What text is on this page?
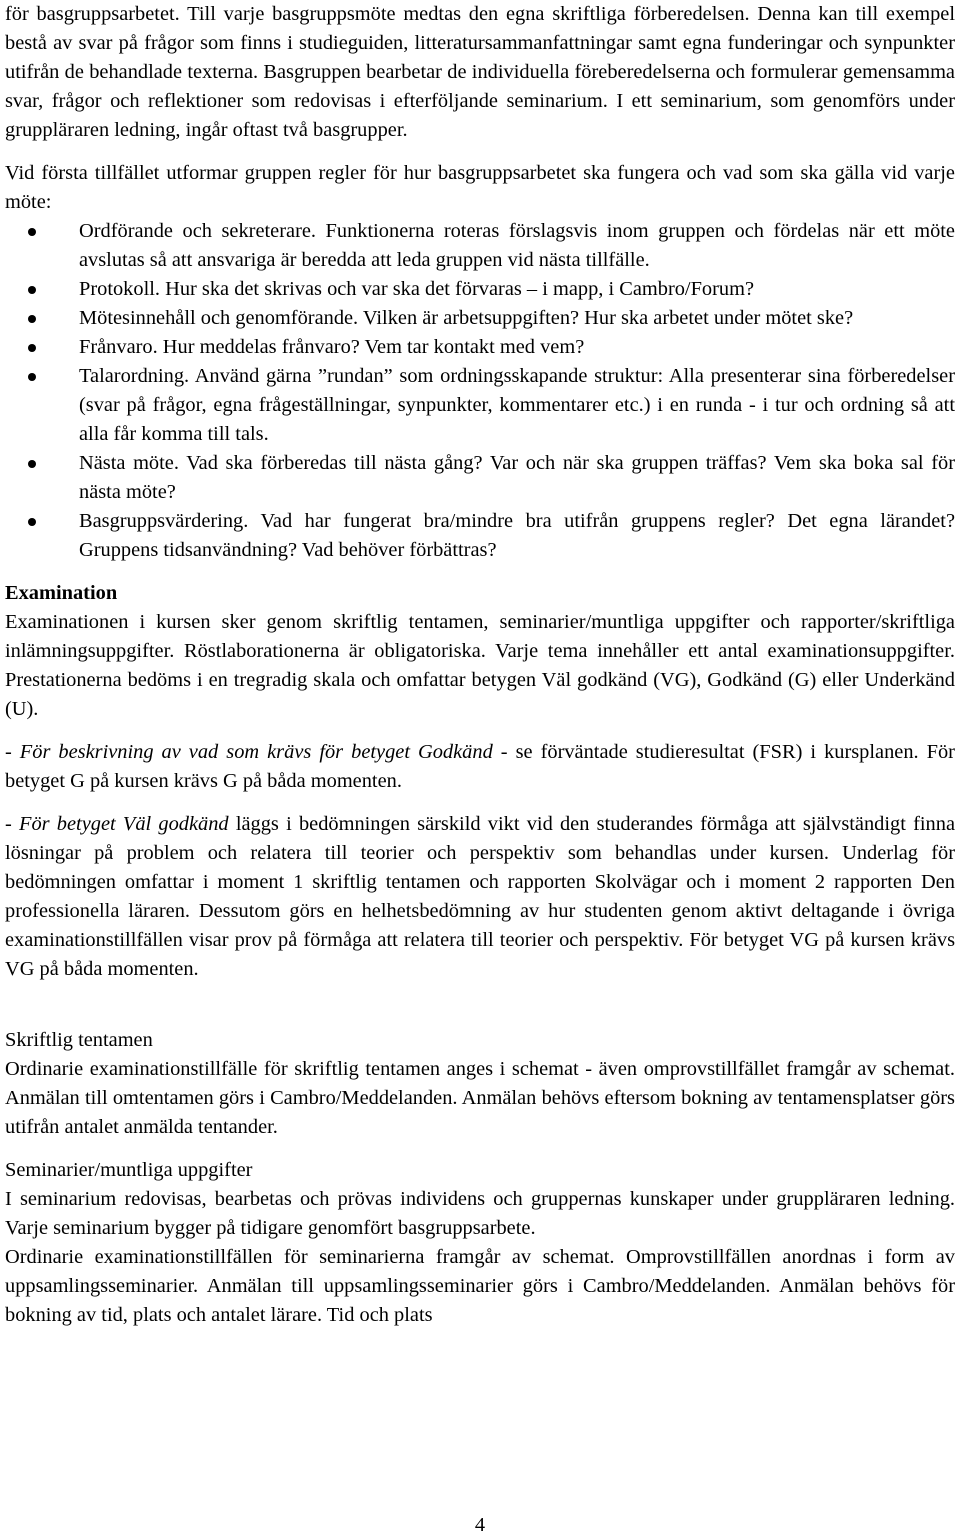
för basgruppsarbetet. Till varje basgruppsmöte medtas den egna skriftliga förberedelsen. Denna kan till exempel bestå av svar på frågor som finns i studieguiden, litteratursammanfattningar samt egna funderingar och synpunkter utifrån de behandlade texterna. Basgruppen bearbetar de individuella föreberedelserna och formulerar gemensamma svar, frågor och reflektioner som redovisas i efterföljande seminarium. I ett seminarium, som genomförs under gruppläraren ledning, ingår oftast två basgrupper.

Vid första tillfället utformar gruppen regler för hur basgruppsarbetet ska fungera och vad som ska gälla vid varje möte:

Ordförande och sekreterare. Funktionerna roteras förslagsvis inom gruppen och fördelas när ett möte avslutas så att ansvariga är beredda att leda gruppen vid nästa tillfälle.
Protokoll. Hur ska det skrivas och var ska det förvaras – i mapp, i Cambro/Forum?
Mötesinnehåll och genomförande. Vilken är arbetsuppgiften? Hur ska arbetet under mötet ske?
Frånvaro. Hur meddelas frånvaro? Vem tar kontakt med vem?
Talarordning. Använd gärna ”rundan” som ordningsskapande struktur: Alla presenterar sina förberedelser (svar på frågor, egna frågeställningar, synpunkter, kommentarer etc.) i en runda - i tur och ordning så att alla får komma till tals.
Nästa möte. Vad ska förberedas till nästa gång? Var och när ska gruppen träffas? Vem ska boka sal för nästa möte?
Basgruppsvärdering. Vad har fungerat bra/mindre bra utifrån gruppens regler? Det egna lärandet? Gruppens tidsanvändning? Vad behöver förbättras?

Examination

Examinationen i kursen sker genom skriftlig tentamen, seminarier/muntliga uppgifter och rapporter/skriftliga inlämningsuppgifter. Röstlaborationerna är obligatoriska. Varje tema innehåller ett antal examinationsuppgifter. Prestationerna bedöms i en tregradig skala och omfattar betygen Väl godkänd (VG), Godkänd (G) eller Underkänd (U).

- För beskrivning av vad som krävs för betyget Godkänd - se förväntade studieresultat (FSR) i kursplanen. För betyget G på kursen krävs G på båda momenten.

- För betyget Väl godkänd läggs i bedömningen särskild vikt vid den studerandes förmåga att självständigt finna lösningar på problem och relatera till teorier och perspektiv som behandlas under kursen. Underlag för bedömningen omfattar i moment 1 skriftlig tentamen och rapporten Skolvägar och i moment 2 rapporten Den professionella läraren. Dessutom görs en helhetsbedömning av hur studenten genom aktivt deltagande i övriga examinationstillfällen visar prov på förmåga att relatera till teorier och perspektiv. För betyget VG på kursen krävs VG på båda momenten.

Skriftlig tentamen

Ordinarie examinationstillfälle för skriftlig tentamen anges i schemat - även omprovstillfället framgår av schemat. Anmälan till omtentamen görs i Cambro/Meddelanden. Anmälan behövs eftersom bokning av tentamensplatser görs utifrån antalet anmälda tentander.

Seminarier/muntliga uppgifter

I seminarium redovisas, bearbetas och prövas individens och gruppernas kunskaper under gruppläraren ledning. Varje seminarium bygger på tidigare genomfört basgruppsarbete.

Ordinarie examinationstillfällen för seminarierna framgår av schemat. Omprovstillfällen anordnas i form av uppsamlingsseminarier. Anmälan till uppsamlingsseminarier görs i Cambro/Meddelanden. Anmälan behövs för bokning av tid, plats och antalet lärare. Tid och plats

4
